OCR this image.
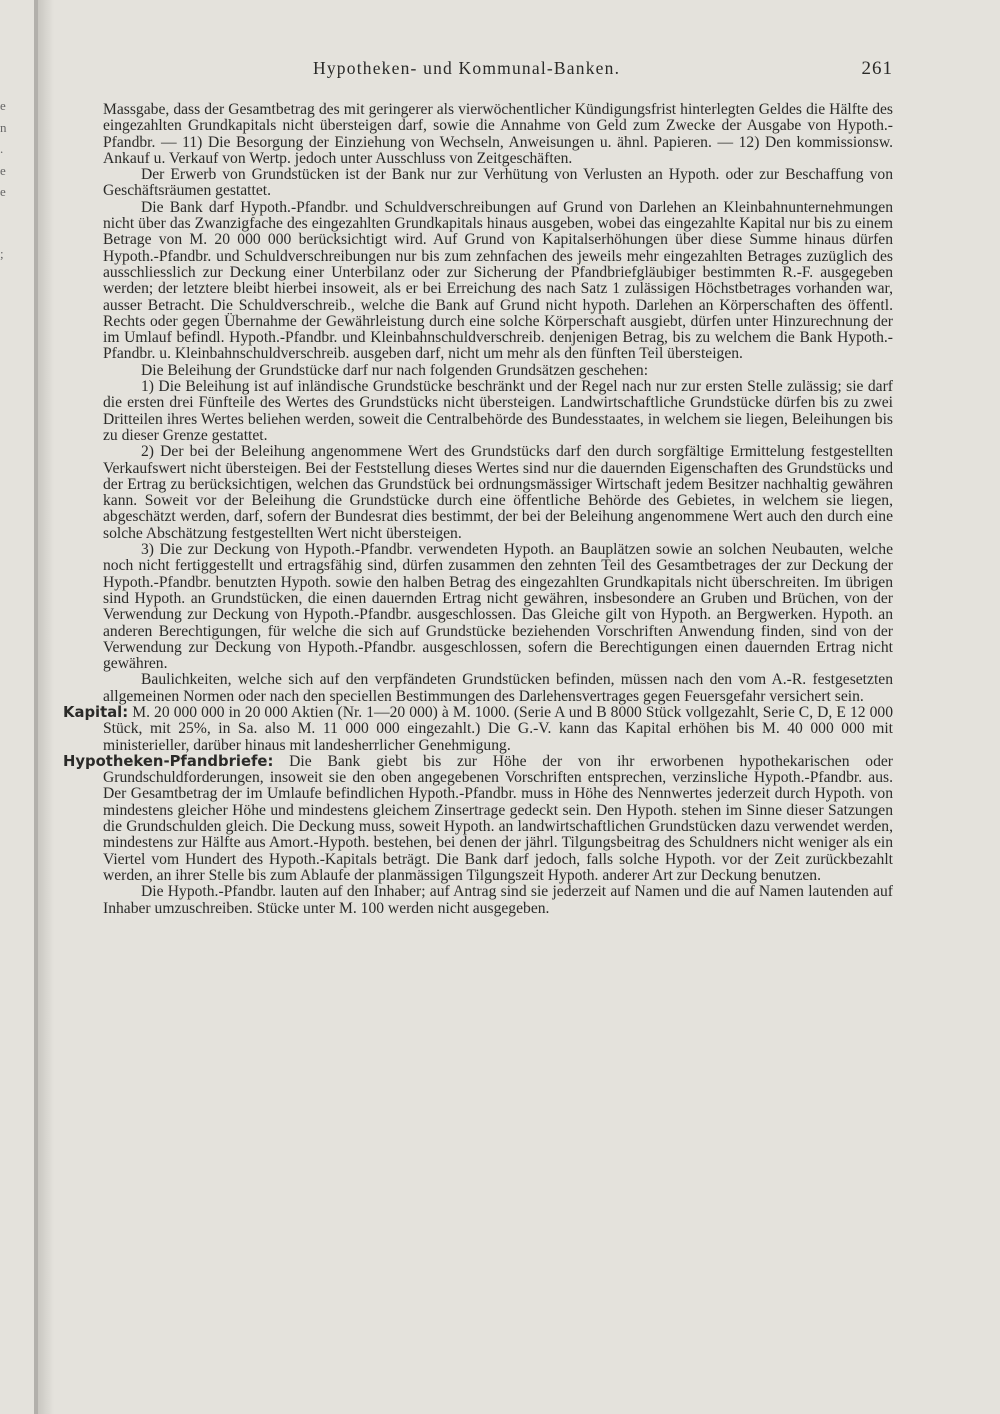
e
n
.
e
e
;
Hypotheken- und Kommunal-Banken.	261

Massgabe, dass der Gesamtbetrag des mit geringerer als vierwöchentlicher Kündigungsfrist hinterlegten Geldes die Hälfte des eingezahlten Grundkapitals nicht übersteigen darf, sowie die Annahme von Geld zum Zwecke der Ausgabe von Hypoth.-Pfandbr. — 11) Die Besorgung der Einziehung von Wechseln, Anweisungen u. ähnl. Papieren. — 12) Den kommissionsw. Ankauf u. Verkauf von Wertp. jedoch unter Ausschluss von Zeitgeschäften.

Der Erwerb von Grundstücken ist der Bank nur zur Verhütung von Verlusten an Hypoth. oder zur Beschaffung von Geschäftsräumen gestattet.

Die Bank darf Hypoth.-Pfandbr. und Schuldverschreibungen auf Grund von Darlehen an Kleinbahnunternehmungen nicht über das Zwanzigfache des eingezahlten Grundkapitals hinaus ausgeben, wobei das eingezahlte Kapital nur bis zu einem Betrage von M. 20 000 000 berücksichtigt wird. Auf Grund von Kapitalserhöhungen über diese Summe hinaus dürfen Hypoth.-Pfandbr. und Schuldverschreibungen nur bis zum zehnfachen des jeweils mehr eingezahlten Betrages zuzüglich des ausschliesslich zur Deckung einer Unterbilanz oder zur Sicherung der Pfandbriefgläubiger bestimmten R.-F. ausgegeben werden; der letztere bleibt hierbei insoweit, als er bei Erreichung des nach Satz 1 zulässigen Höchstbetrages vorhanden war, ausser Betracht. Die Schuldverschreib., welche die Bank auf Grund nicht hypoth. Darlehen an Körperschaften des öffentl. Rechts oder gegen Übernahme der Gewährleistung durch eine solche Körperschaft ausgiebt, dürfen unter Hinzurechnung der im Umlauf befindl. Hypoth.-Pfandbr. und Kleinbahnschuldverschreib. denjenigen Betrag, bis zu welchem die Bank Hypoth.-Pfandbr. u. Kleinbahnschuldverschreib. ausgeben darf, nicht um mehr als den fünften Teil übersteigen.

Die Beleihung der Grundstücke darf nur nach folgenden Grundsätzen geschehen:

1) Die Beleihung ist auf inländische Grundstücke beschränkt und der Regel nach nur zur ersten Stelle zulässig; sie darf die ersten drei Fünfteile des Wertes des Grundstücks nicht übersteigen. Landwirtschaftliche Grundstücke dürfen bis zu zwei Dritteilen ihres Wertes beliehen werden, soweit die Centralbehörde des Bundesstaates, in welchem sie liegen, Beleihungen bis zu dieser Grenze gestattet.

2) Der bei der Beleihung angenommene Wert des Grundstücks darf den durch sorgfältige Ermittelung festgestellten Verkaufswert nicht übersteigen. Bei der Feststellung dieses Wertes sind nur die dauernden Eigenschaften des Grundstücks und der Ertrag zu berücksichtigen, welchen das Grundstück bei ordnungsmässiger Wirtschaft jedem Besitzer nachhaltig gewähren kann. Soweit vor der Beleihung die Grundstücke durch eine öffentliche Behörde des Gebietes, in welchem sie liegen, abgeschätzt werden, darf, sofern der Bundesrat dies bestimmt, der bei der Beleihung angenommene Wert auch den durch eine solche Abschätzung festgestellten Wert nicht übersteigen.

3) Die zur Deckung von Hypoth.-Pfandbr. verwendeten Hypoth. an Bauplätzen sowie an solchen Neubauten, welche noch nicht fertiggestellt und ertragsfähig sind, dürfen zusammen den zehnten Teil des Gesamtbetrages der zur Deckung der Hypoth.-Pfandbr. benutzten Hypoth. sowie den halben Betrag des eingezahlten Grundkapitals nicht überschreiten. Im übrigen sind Hypoth. an Grundstücken, die einen dauernden Ertrag nicht gewähren, insbesondere an Gruben und Brüchen, von der Verwendung zur Deckung von Hypoth.-Pfandbr. ausgeschlossen. Das Gleiche gilt von Hypoth. an Bergwerken. Hypoth. an anderen Berechtigungen, für welche die sich auf Grundstücke beziehenden Vorschriften Anwendung finden, sind von der Verwendung zur Deckung von Hypoth.-Pfandbr. ausgeschlossen, sofern die Berechtigungen einen dauernden Ertrag nicht gewähren.

Baulichkeiten, welche sich auf den verpfändeten Grundstücken befinden, müssen nach den vom A.-R. festgesetzten allgemeinen Normen oder nach den speciellen Bestimmungen des Darlehensvertrages gegen Feuersgefahr versichert sein.

Kapital: M. 20 000 000 in 20 000 Aktien (Nr. 1—20 000) à M. 1000. (Serie A und B 8000 Stück vollgezahlt, Serie C, D, E 12 000 Stück, mit 25%, in Sa. also M. 11 000 000 eingezahlt.) Die G.-V. kann das Kapital erhöhen bis M. 40 000 000 mit ministerieller, darüber hinaus mit landesherrlicher Genehmigung.

Hypotheken-Pfandbriefe: Die Bank giebt bis zur Höhe der von ihr erworbenen hypothekarischen oder Grundschuldforderungen, insoweit sie den oben angegebenen Vorschriften entsprechen, verzinsliche Hypoth.-Pfandbr. aus. Der Gesamtbetrag der im Umlaufe befindlichen Hypoth.-Pfandbr. muss in Höhe des Nennwertes jederzeit durch Hypoth. von mindestens gleicher Höhe und mindestens gleichem Zinsertrage gedeckt sein. Den Hypoth. stehen im Sinne dieser Satzungen die Grundschulden gleich. Die Deckung muss, soweit Hypoth. an landwirtschaftlichen Grundstücken dazu verwendet werden, mindestens zur Hälfte aus Amort.-Hypoth. bestehen, bei denen der jährl. Tilgungsbeitrag des Schuldners nicht weniger als ein Viertel vom Hundert des Hypoth.-Kapitals beträgt. Die Bank darf jedoch, falls solche Hypoth. vor der Zeit zurückbezahlt werden, an ihrer Stelle bis zum Ablaufe der planmässigen Tilgungszeit Hypoth. anderer Art zur Deckung benutzen.

Die Hypoth.-Pfandbr. lauten auf den Inhaber; auf Antrag sind sie jederzeit auf Namen und die auf Namen lautenden auf Inhaber umzuschreiben. Stücke unter M. 100 werden nicht ausgegeben.
